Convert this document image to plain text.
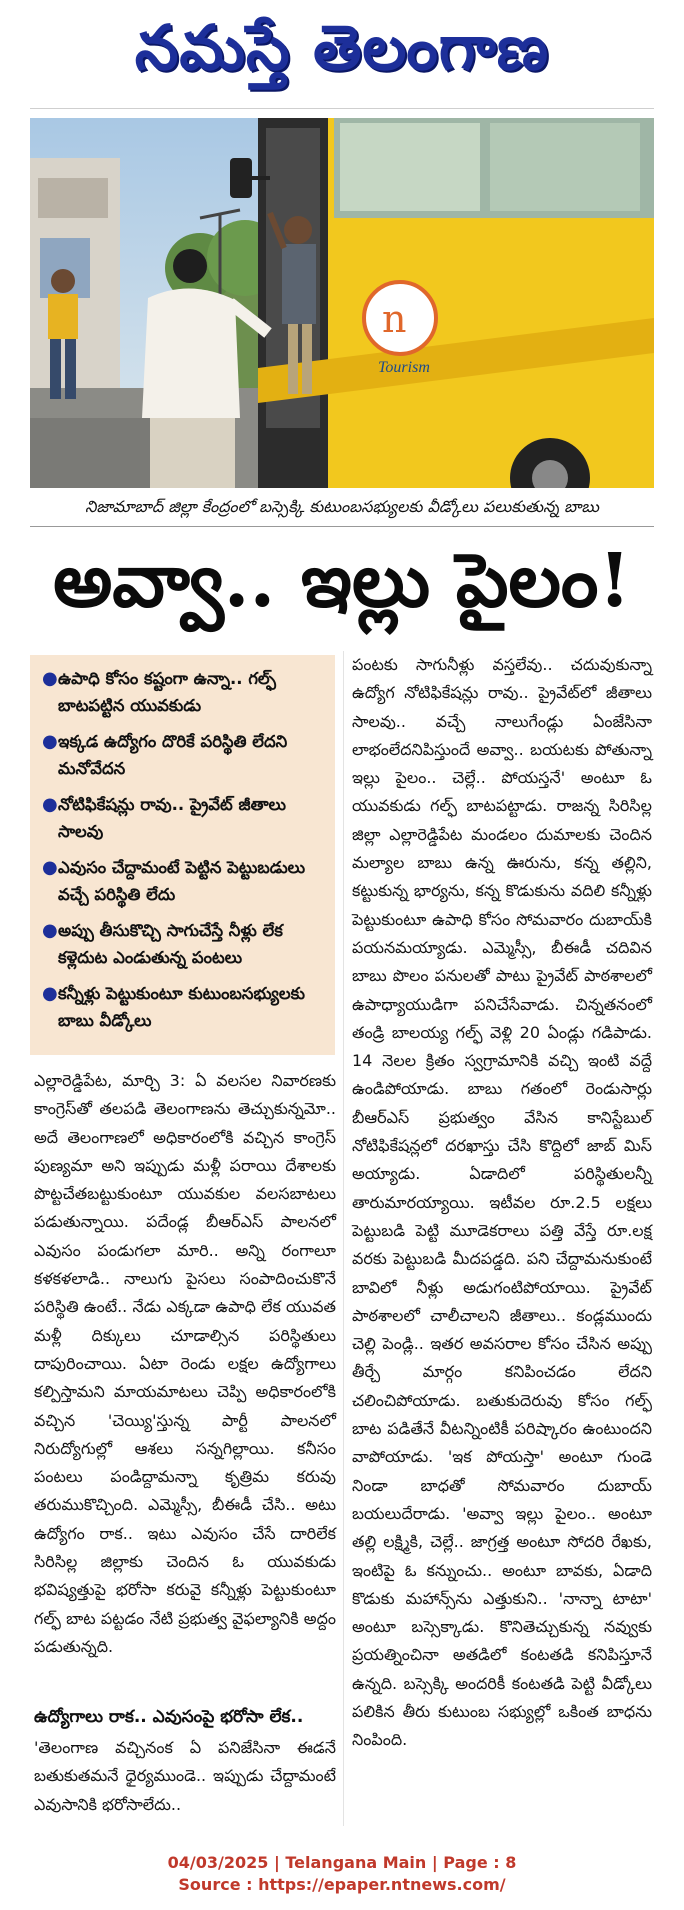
నమస్తే తెలంగాణ
n
Tourism
నిజామాబాద్ జిల్లా కేంద్రంలో బస్సెక్కి కుటుంబసభ్యులకు వీడ్కోలు పలుకుతున్న బాబు
అవ్వా.. ఇల్లు పైలం!
● ఉపాధి కోసం కష్టంగా ఉన్నా.. గల్ఫ్ బాటపట్టిన యువకుడు
● ఇక్కడ ఉద్యోగం దొరికే పరిస్థితి లేదని మనోవేదన
● నోటిఫికేషన్లు రావు.. ప్రైవేట్ జీతాలు సాలవు
● ఎవుసం చేద్దామంటే పెట్టిన పెట్టుబడులు వచ్చే పరిస్థితి లేదు
● అప్పు తీసుకొచ్చి సాగుచేస్తే నీళ్లు లేక కళ్లెదుట ఎండుతున్న పంటలు
● కన్నీళ్లు పెట్టుకుంటూ కుటుంబసభ్యులకు బాబు వీడ్కోలు

ఎల్లారెడ్డిపేట, మార్చి 3: ఏ వలసల నివారణకు కాంగ్రెస్‌తో తలపడి తెలంగాణను తెచ్చుకున్నమో.. అదే తెలంగాణలో అధికారంలోకి వచ్చిన కాంగ్రెస్ పుణ్యమా అని ఇప్పుడు మళ్లీ పరాయి దేశాలకు పొట్టచేతబట్టుకుంటూ యువకుల వలసబాటలు పడుతున్నాయి. పదేండ్ల బీఆర్‌ఎస్ పాలనలో ఎవుసం పండుగలా మారి.. అన్ని రంగాలూ కళకళలాడి.. నాలుగు పైసలు సంపాదించుకొనే పరిస్థితి ఉంటే.. నేడు ఎక్కడా ఉపాధి లేక యువత మళ్లీ దిక్కులు చూడాల్సిన పరిస్థితులు దాపురించాయి. ఏటా రెండు లక్షల ఉద్యోగాలు కల్పిస్తామని మాయమాటలు చెప్పి అధికారంలోకి వచ్చిన 'చెయ్యి'స్తున్న పార్టీ పాలనలో నిరుద్యోగుల్లో ఆశలు సన్నగిల్లాయి. కనీసం పంటలు పండిద్దామన్నా కృత్రిమ కరువు తరుముకొచ్చింది. ఎమ్మెస్సీ, బీఈడీ చేసి.. అటు ఉద్యోగం రాక.. ఇటు ఎవుసం చేసే దారిలేక సిరిసిల్ల జిల్లాకు చెందిన ఓ యువకుడు భవిష్యత్తుపై భరోసా కరువై కన్నీళ్లు పెట్టుకుంటూ గల్ఫ్ బాట పట్టడం నేటి ప్రభుత్వ వైఫల్యానికి అద్దం పడుతున్నది.

ఉద్యోగాలు రాక.. ఎవుసంపై భరోసా లేక..

'తెలంగాణ వచ్చినంక ఏ పనిజేసినా ఈడనే బతుకుతమనే ధైర్యముండె.. ఇప్పుడు చేద్దామంటే ఎవుసానికి భరోసాలేదు..

పంటకు సాగునీళ్లు వస్తలేవు.. చదువుకున్నా ఉద్యోగ నోటిఫికేషన్లు రావు.. ప్రైవేట్‌లో జీతాలు సాలవు.. వచ్చే నాలుగేండ్లు ఏంజేసినా లాభంలేదనిపిస్తుందే అవ్వా.. బయటకు పోతున్నా ఇల్లు పైలం.. చెల్లే.. పోయస్తనే' అంటూ ఓ యువకుడు గల్ఫ్ బాటపట్టాడు. రాజన్న సిరిసిల్ల జిల్లా ఎల్లారెడ్డిపేట మండలం దుమాలకు చెందిన మల్యాల బాబు ఉన్న ఊరును, కన్న తల్లిని, కట్టుకున్న భార్యను, కన్న కొడుకును వదిలి కన్నీళ్లు పెట్టుకుంటూ ఉపాధి కోసం సోమవారం దుబాయ్‌కి పయనమయ్యాడు. ఎమ్మెస్సీ, బీఈడీ చదివిన బాబు పొలం పనులతో పాటు ప్రైవేట్ పాఠశాలలో ఉపాధ్యాయుడిగా పనిచేసేవాడు. చిన్నతనంలో తండ్రి బాలయ్య గల్ఫ్ వెళ్లి 20 ఏండ్లు గడిపాడు. 14 నెలల క్రితం స్వగ్రామానికి వచ్చి ఇంటి వద్దే ఉండిపోయాడు. బాబు గతంలో రెండుసార్లు బీఆర్‌ఎస్ ప్రభుత్వం వేసిన కానిస్టేబుల్ నోటిఫికేషన్లలో దరఖాస్తు చేసి కొద్దిలో జాబ్ మిస్ అయ్యాడు. ఏడాదిలో పరిస్థితులన్నీ తారుమారయ్యాయి. ఇటీవల రూ.2.5 లక్షలు పెట్టుబడి పెట్టి మూడెకరాలు పత్తి వేస్తే రూ.లక్ష వరకు పెట్టుబడి మీదపడ్డది. పని చేద్దామనుకుంటే బావిలో నీళ్లు అడుగంటిపోయాయి. ప్రైవేట్ పాఠశాలలో చాలీచాలని జీతాలు.. కండ్లముందు చెల్లి పెండ్లి.. ఇతర అవసరాల కోసం చేసిన అప్పు తీర్చే మార్గం కనిపించడం లేదని చలించిపోయాడు. బతుకుదెరువు కోసం గల్ఫ్ బాట పడితేనే వీటన్నింటికీ పరిష్కారం ఉంటుందని వాపోయాడు. 'ఇక పోయస్తా' అంటూ గుండె నిండా బాధతో సోమవారం దుబాయ్ బయలుదేరాడు. 'అవ్వా ఇల్లు పైలం.. అంటూ తల్లి లక్ష్మికి, చెల్లే.. జాగ్రత్త అంటూ సోదరి రేఖకు, ఇంటిపై ఓ కన్నుంచు.. అంటూ బావకు, ఏడాది కొడుకు మహాన్స్‌ను ఎత్తుకుని.. 'నాన్నా టాటా' అంటూ బస్సెక్కాడు. కొనితెచ్చుకున్న నవ్వుకు ప్రయత్నించినా అతడిలో కంటతడి కనిపిస్తూనే ఉన్నది. బస్సెక్కి అందరికీ కంటతడి పెట్టి వీడ్కోలు పలికిన తీరు కుటుంబ సభ్యుల్లో ఒకింత బాధను నింపింది.

04/03/2025 | Telangana Main | Page : 8
Source : https://epaper.ntnews.com/
